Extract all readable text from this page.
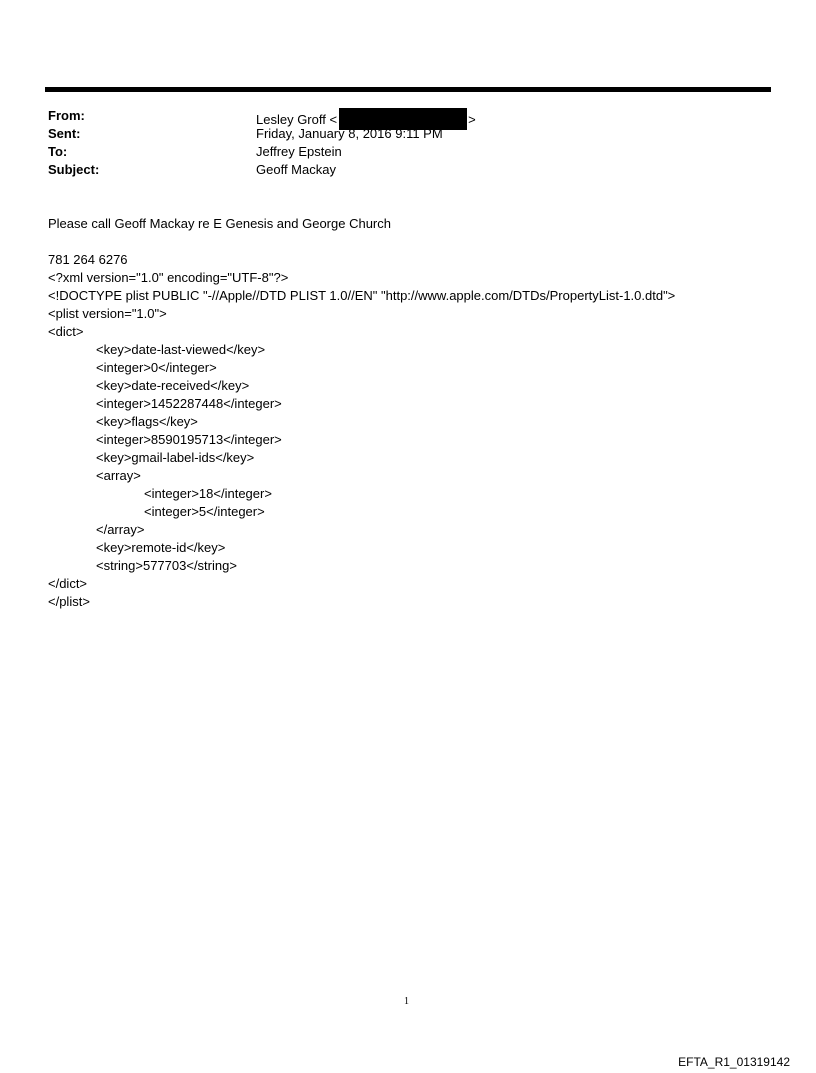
From:	Lesley Groff <	>
Sent:	Friday, January 8, 2016 9:11 PM
To:	Jeffrey Epstein
Subject:	Geoff Mackay
Please call Geoff Mackay re E Genesis and George Church
781 264 6276
<?xml version="1.0" encoding="UTF-8"?>
<!DOCTYPE plist PUBLIC "-//Apple//DTD PLIST 1.0//EN" "http://www.apple.com/DTDs/PropertyList-1.0.dtd">
<plist version="1.0">
<dict>
<key>date-last-viewed</key>
<integer>0</integer>
<key>date-received</key>
<integer>1452287448</integer>
<key>flags</key>
<integer>8590195713</integer>
<key>gmail-label-ids</key>
<array>
<integer>18</integer>
<integer>5</integer>
</array>
<key>remote-id</key>
<string>577703</string>
</dict>
</plist>
1
EFTA_R1_01319142
